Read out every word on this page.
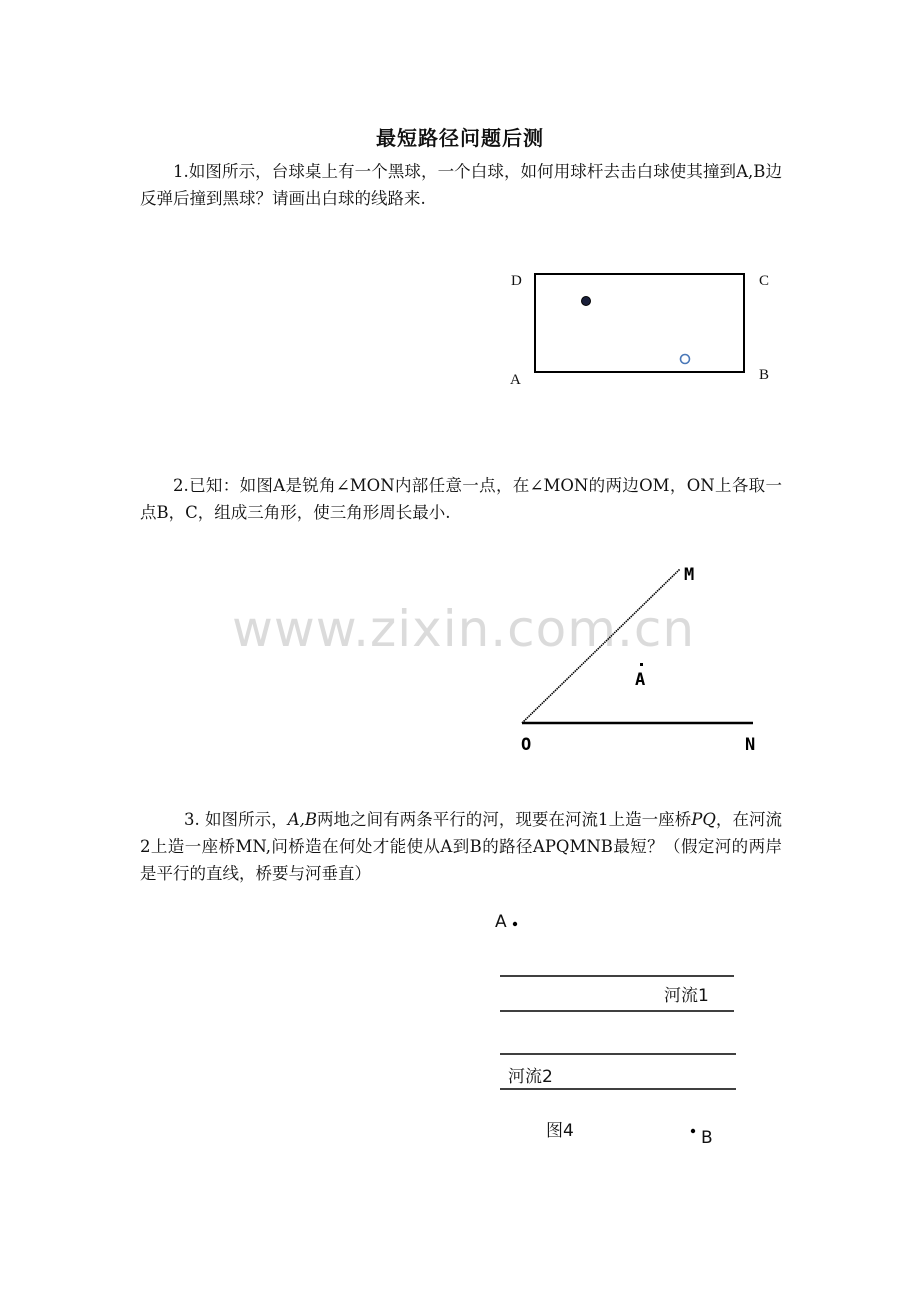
最短路径问题后测
1.如图所示，台球桌上有一个黑球，一个白球，如何用球杆去击白球使其撞到A,B边反弹后撞到黑球？请画出白球的线路来.
2.已知：如图A是锐角∠MON内部任意一点，在∠MON的两边OM，ON上各取一点B，C，组成三角形，使三角形周长最小.
3. 如图所示，A,B两地之间有两条平行的河，现要在河流1上造一座桥PQ，在河流2上造一座桥MN,问桥造在何处才能使从A到B的路径APQMNB最短？（假定河的两岸是平行的直线，桥要与河垂直）
www.zixin.com.cn
D	C
A	B
M
A
O	N
A
河流1
河流2
图4	B
